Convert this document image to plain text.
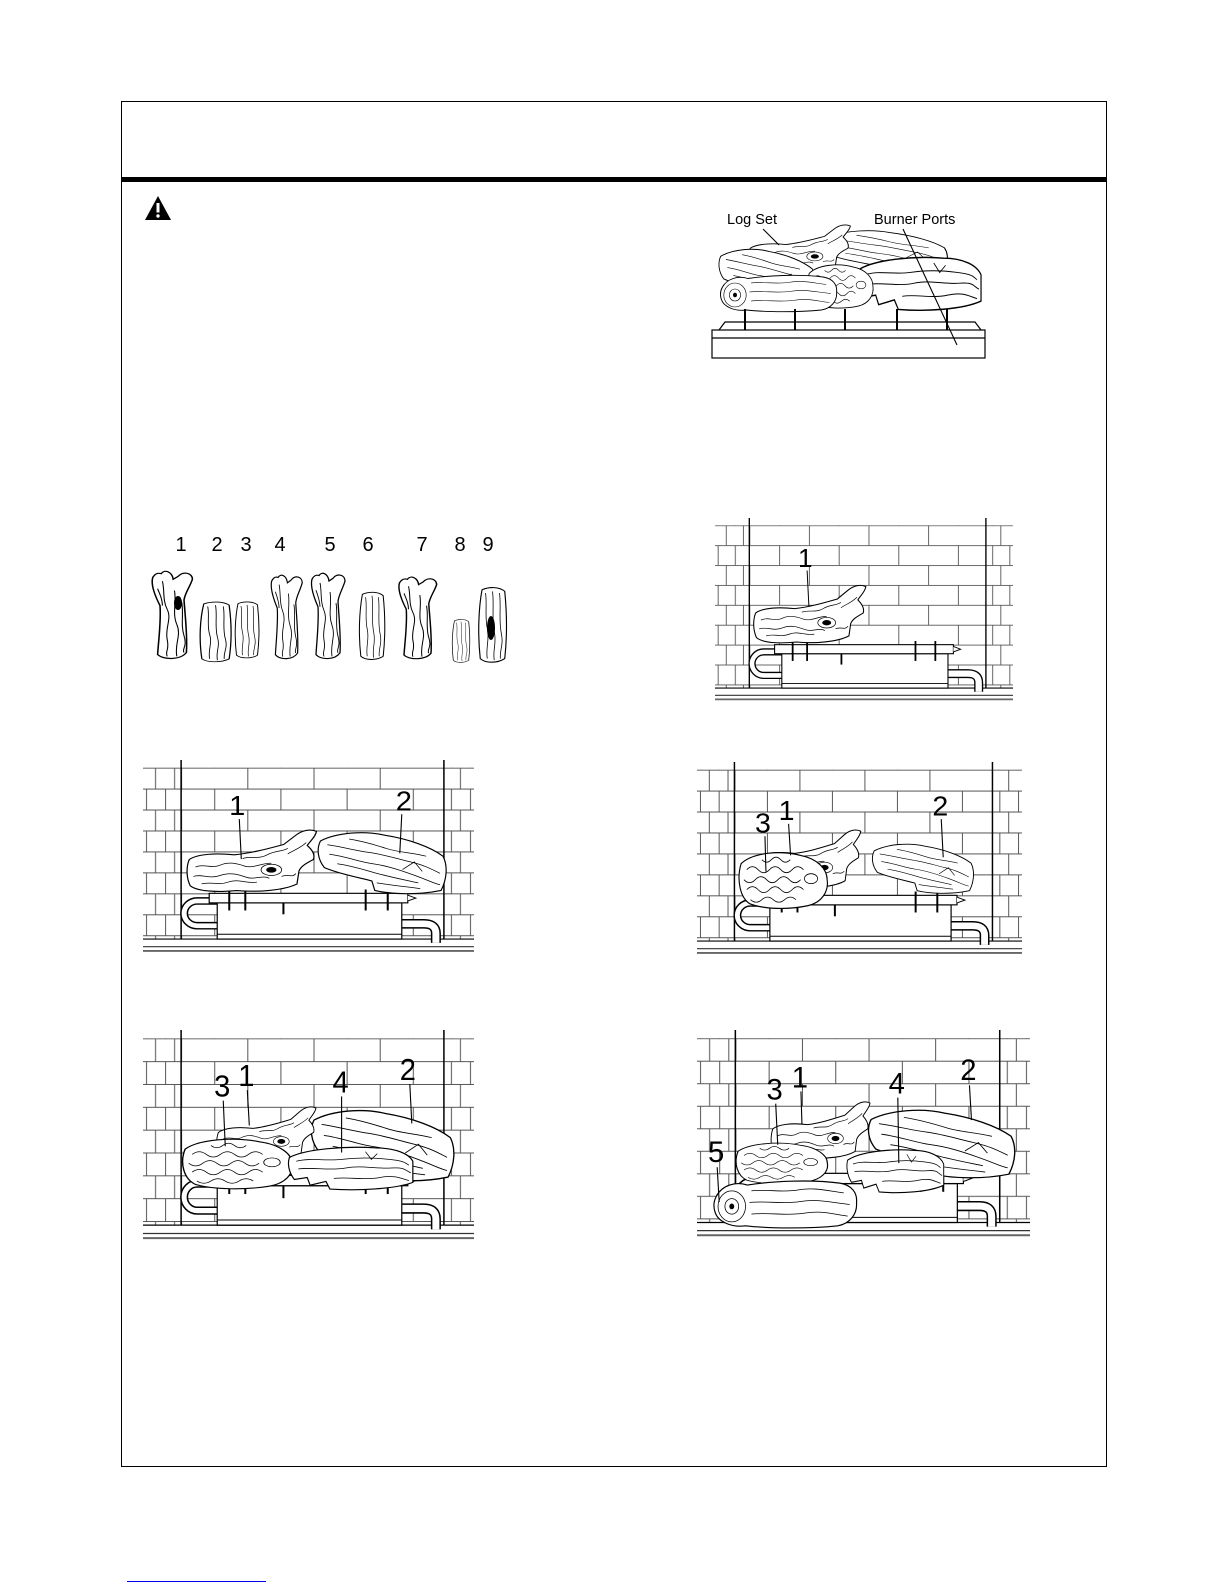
Log Set	Burner Ports
1 2 3 4 5 6 7 8 9	1
1	2
3 1	2
3 1	4 2
3 1	4 2
5
